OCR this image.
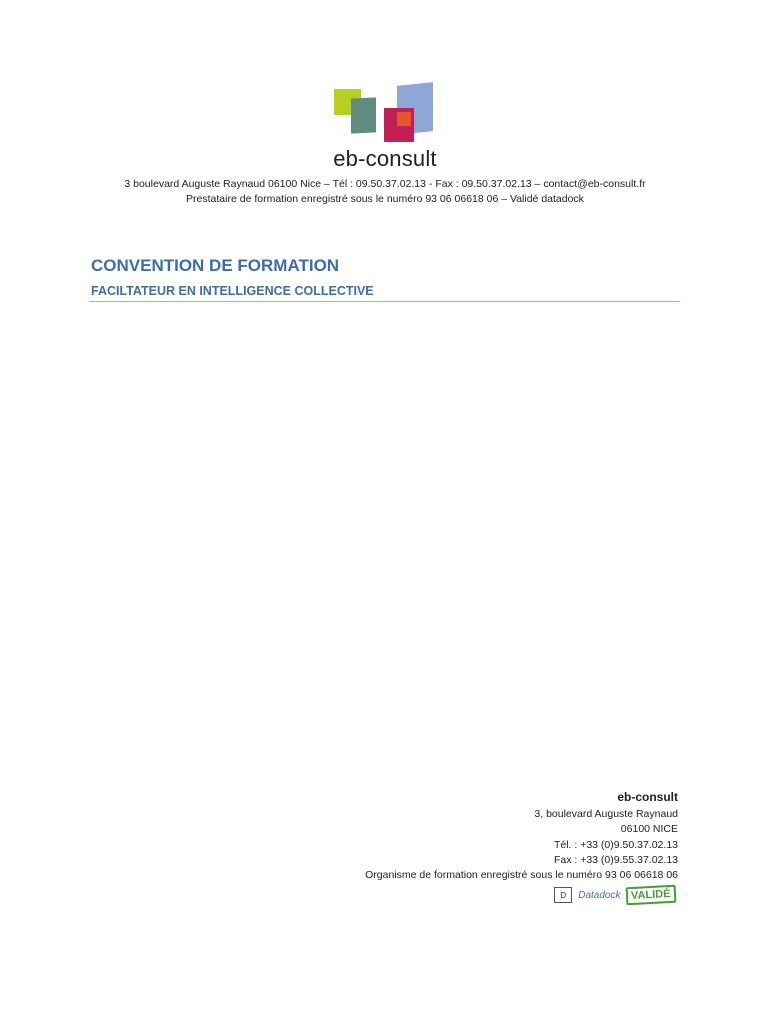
eb-consult
3 boulevard Auguste Raynaud 06100 Nice – Tél : 09.50.37.02.13 - Fax : 09.50.37.02.13 – contact@eb-consult.fr
Prestataire de formation enregistré sous le numéro 93 06 06618 06 – Validé datadock
CONVENTION DE FORMATION
FACILTATEUR EN INTELLIGENCE COLLECTIVE
eb-consult
3, boulevard Auguste Raynaud
06100 NICE
Tél. : +33 (0)9.50.37.02.13
Fax : +33 (0)9.55.37.02.13
Organisme de formation enregistré sous le numéro 93 06 06618 06
D	Datadock VALIDÉ
